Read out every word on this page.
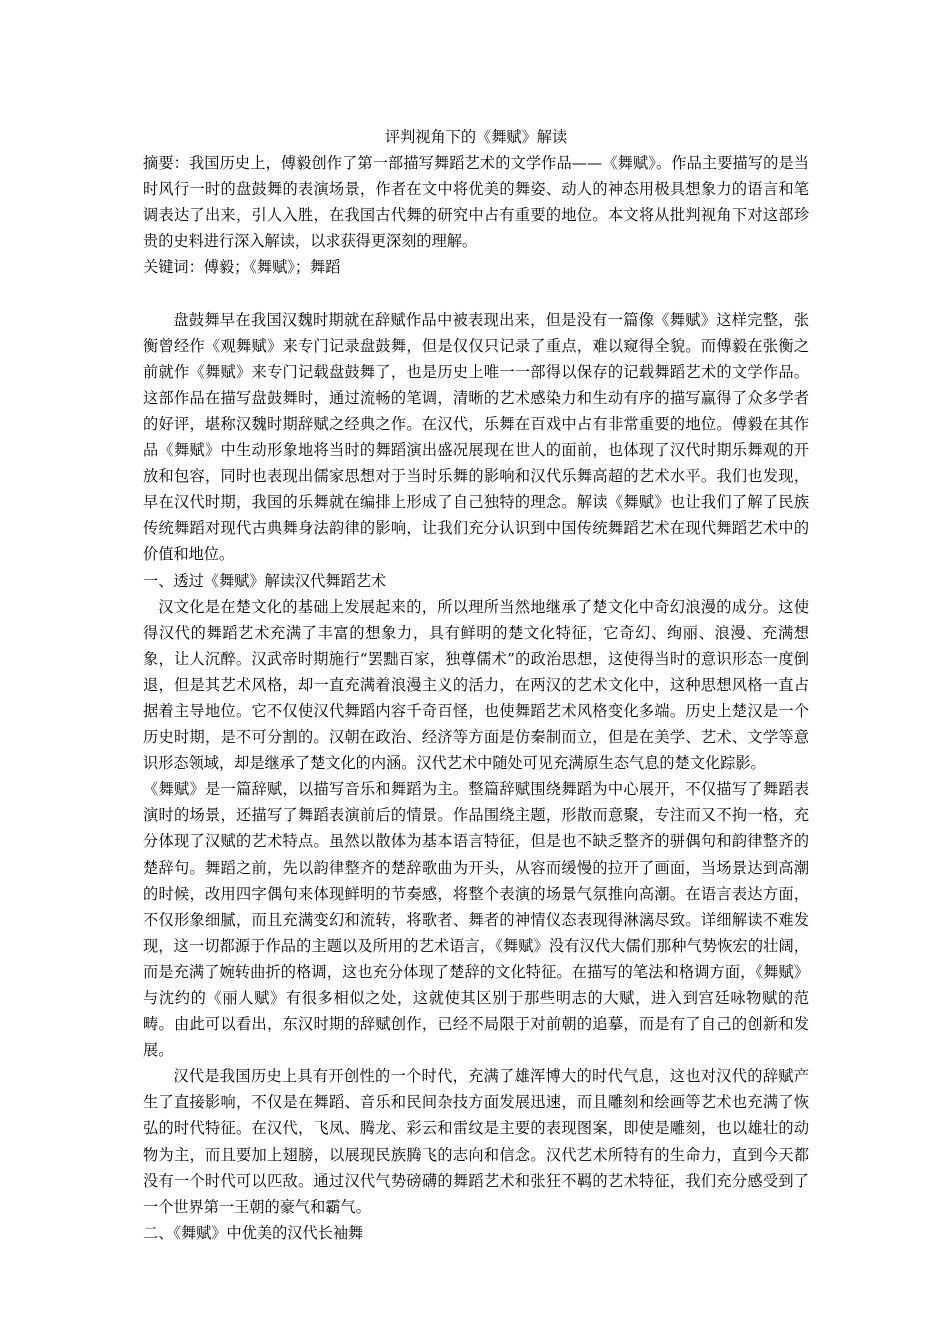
评判视角下的《舞赋》解读

摘要：我国历史上，傅毅创作了第一部描写舞蹈艺术的文学作品——《舞赋》。作品主要描写的是当时风行一时的盘鼓舞的表演场景，作者在文中将优美的舞姿、动人的神态用极具想象力的语言和笔调表达了出来，引人入胜，在我国古代舞的研究中占有重要的地位。本文将从批判视角下对这部珍贵的史料进行深入解读，以求获得更深刻的理解。

关键词：傅毅；《舞赋》；舞蹈

盘鼓舞早在我国汉魏时期就在辞赋作品中被表现出来，但是没有一篇像《舞赋》这样完整，张衡曾经作《观舞赋》来专门记录盘鼓舞，但是仅仅只记录了重点，难以窥得全貌。而傅毅在张衡之前就作《舞赋》来专门记载盘鼓舞了，也是历史上唯一一部得以保存的记载舞蹈艺术的文学作品。这部作品在描写盘鼓舞时，通过流畅的笔调，清晰的艺术感染力和生动有序的描写赢得了众多学者的好评，堪称汉魏时期辞赋之经典之作。在汉代，乐舞在百戏中占有非常重要的地位。傅毅在其作品《舞赋》中生动形象地将当时的舞蹈演出盛况展现在世人的面前，也体现了汉代时期乐舞观的开放和包容，同时也表现出儒家思想对于当时乐舞的影响和汉代乐舞高超的艺术水平。我们也发现，早在汉代时期，我国的乐舞就在编排上形成了自己独特的理念。解读《舞赋》也让我们了解了民族传统舞蹈对现代古典舞身法韵律的影响，让我们充分认识到中国传统舞蹈艺术在现代舞蹈艺术中的价值和地位。

一、透过《舞赋》解读汉代舞蹈艺术

汉文化是在楚文化的基础上发展起来的，所以理所当然地继承了楚文化中奇幻浪漫的成分。这使得汉代的舞蹈艺术充满了丰富的想象力，具有鲜明的楚文化特征，它奇幻、绚丽、浪漫、充满想象，让人沉醉。汉武帝时期施行“罢黜百家，独尊儒术”的政治思想，这使得当时的意识形态一度倒退，但是其艺术风格，却一直充满着浪漫主义的活力，在两汉的艺术文化中，这种思想风格一直占据着主导地位。它不仅使汉代舞蹈内容千奇百怪，也使舞蹈艺术风格变化多端。历史上楚汉是一个历史时期，是不可分割的。汉朝在政治、经济等方面是仿秦制而立，但是在美学、艺术、文学等意识形态领域，却是继承了楚文化的内涵。汉代艺术中随处可见充满原生态气息的楚文化踪影。

《舞赋》是一篇辞赋，以描写音乐和舞蹈为主。整篇辞赋围绕舞蹈为中心展开，不仅描写了舞蹈表演时的场景，还描写了舞蹈表演前后的情景。作品围绕主题，形散而意聚，专注而又不拘一格，充分体现了汉赋的艺术特点。虽然以散体为基本语言特征，但是也不缺乏整齐的骈偶句和韵律整齐的楚辞句。舞蹈之前，先以韵律整齐的楚辞歌曲为开头，从容而缓慢的拉开了画面，当场景达到高潮的时候，改用四字偶句来体现鲜明的节奏感，将整个表演的场景气氛推向高潮。在语言表达方面，不仅形象细腻，而且充满变幻和流转，将歌者、舞者的神情仪态表现得淋漓尽致。详细解读不难发现，这一切都源于作品的主题以及所用的艺术语言，《舞赋》没有汉代大儒们那种气势恢宏的壮阔，而是充满了婉转曲折的格调，这也充分体现了楚辞的文化特征。在描写的笔法和格调方面，《舞赋》与沈约的《丽人赋》有很多相似之处，这就使其区别于那些明志的大赋，进入到宫廷咏物赋的范畴。由此可以看出，东汉时期的辞赋创作，已经不局限于对前朝的追摹，而是有了自己的创新和发展。

汉代是我国历史上具有开创性的一个时代，充满了雄浑博大的时代气息，这也对汉代的辞赋产生了直接影响，不仅是在舞蹈、音乐和民间杂技方面发展迅速，而且雕刻和绘画等艺术也充满了恢弘的时代特征。在汉代，飞凤、腾龙、彩云和雷纹是主要的表现图案，即使是雕刻，也以雄壮的动物为主，而且要加上翅膀，以展现民族腾飞的志向和信念。汉代艺术所特有的生命力，直到今天都没有一个时代可以匹敌。通过汉代气势磅礴的舞蹈艺术和张狂不羁的艺术特征，我们充分感受到了一个世界第一王朝的豪气和霸气。

二、《舞赋》中优美的汉代长袖舞
